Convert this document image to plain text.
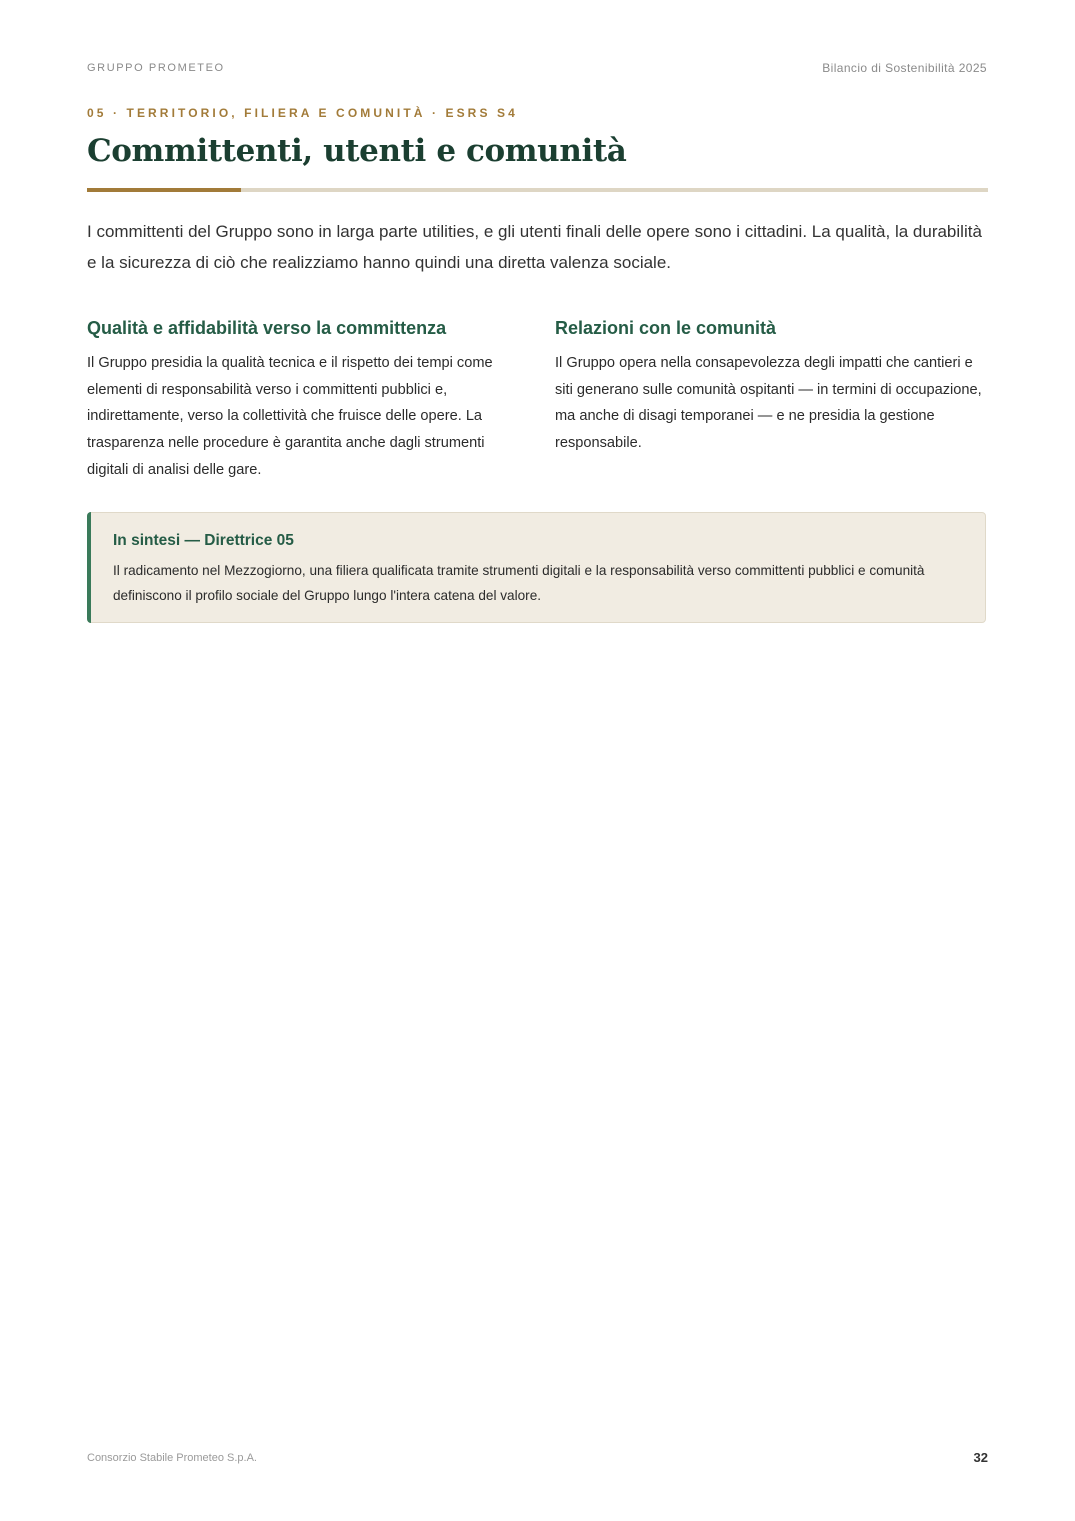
GRUPPO PROMETEO	Bilancio di Sostenibilità 2025
05 · TERRITORIO, FILIERA E COMUNITÀ · ESRS S4
Committenti, utenti e comunità

I committenti del Gruppo sono in larga parte utilities, e gli utenti finali delle opere sono i cittadini. La qualità, la durabilità e la sicurezza di ciò che realizziamo hanno quindi una diretta valenza sociale.

Qualità e affidabilità verso la committenza

Il Gruppo presidia la qualità tecnica e il rispetto dei tempi come elementi di responsabilità verso i committenti pubblici e, indirettamente, verso la collettività che fruisce delle opere. La trasparenza nelle procedure è garantita anche dagli strumenti digitali di analisi delle gare.

Relazioni con le comunità

Il Gruppo opera nella consapevolezza degli impatti che cantieri e siti generano sulle comunità ospitanti — in termini di occupazione, ma anche di disagi temporanei — e ne presidia la gestione responsabile.

In sintesi — Direttrice 05

Il radicamento nel Mezzogiorno, una filiera qualificata tramite strumenti digitali e la responsabilità verso committenti pubblici e comunità definiscono il profilo sociale del Gruppo lungo l'intera catena del valore.

Consorzio Stabile Prometeo S.p.A.	32
